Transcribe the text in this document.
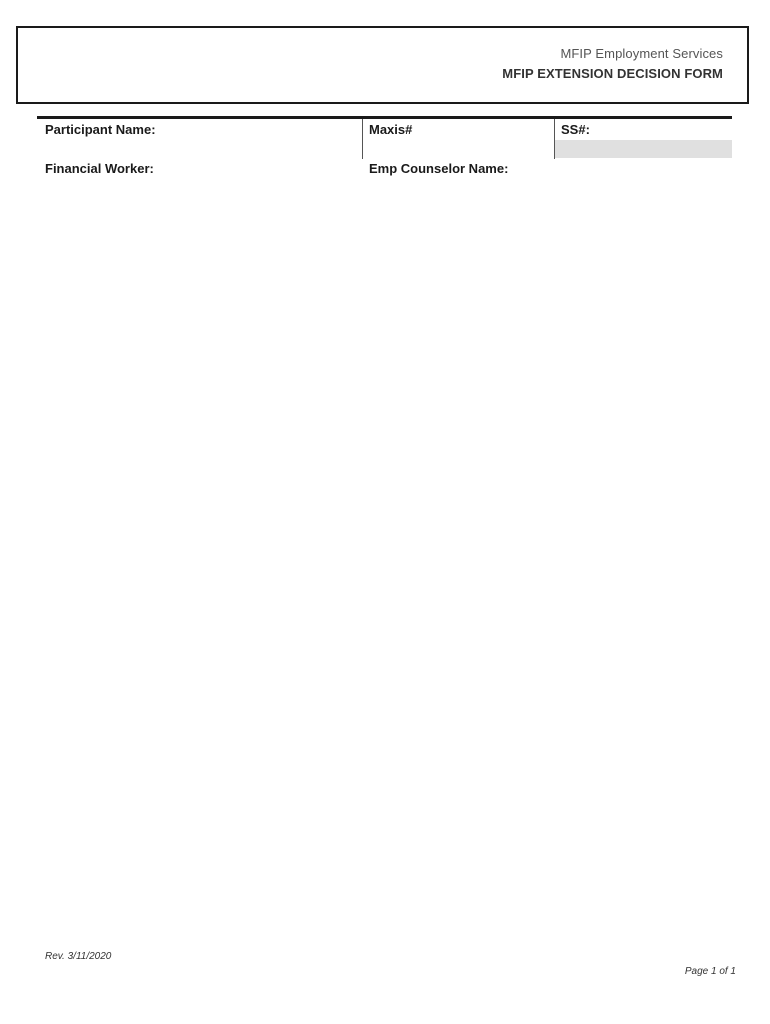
MFIP Employment Services
MFIP EXTENSION DECISION FORM
Participant Name:	Maxis#	SS#:
Financial Worker:	Emp Counselor Name:
Rev. 3/11/2020
Page 1 of 1
